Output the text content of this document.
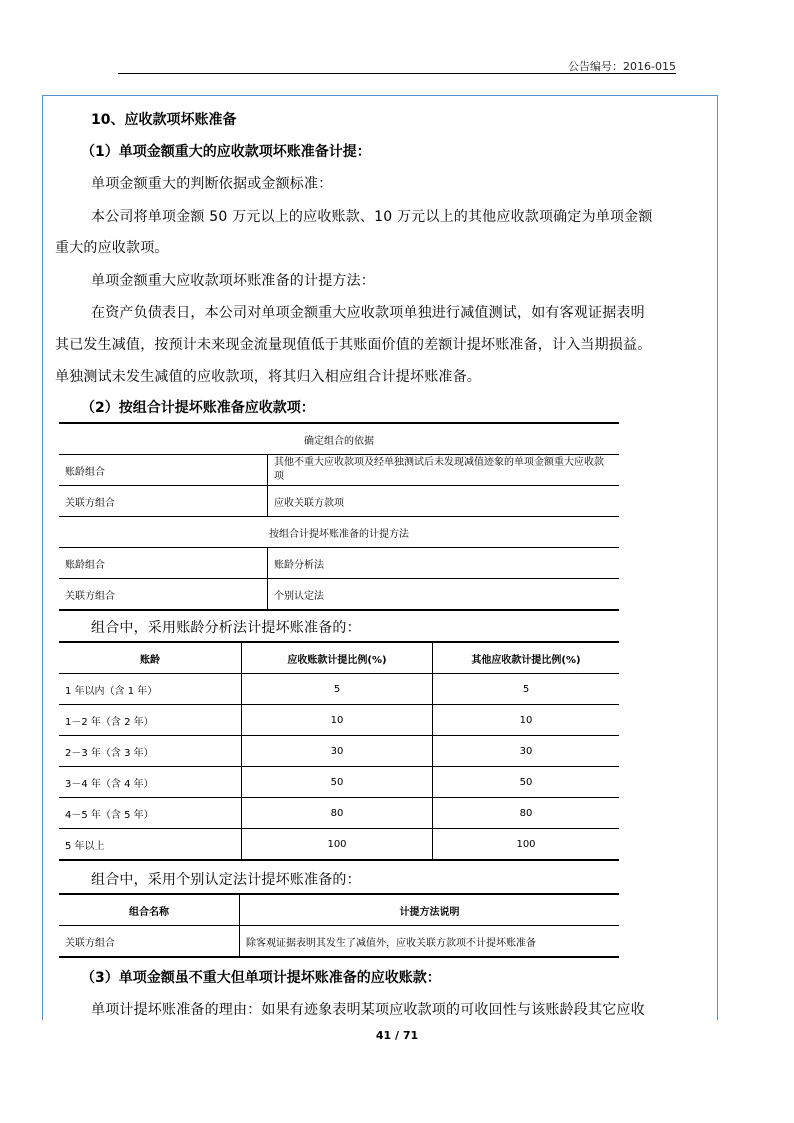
公告编号：2016-015
10、应收款项坏账准备
（1）单项金额重大的应收款项坏账准备计提：
单项金额重大的判断依据或金额标准：
本公司将单项金额 50 万元以上的应收账款、10 万元以上的其他应收款项确定为单项金额
重大的应收款项。
单项金额重大应收款项坏账准备的计提方法：
在资产负债表日，本公司对单项金额重大应收款项单独进行减值测试，如有客观证据表明
其已发生减值，按预计未来现金流量现值低于其账面价值的差额计提坏账准备，计入当期损益。
单独测试未发生减值的应收款项，将其归入相应组合计提坏账准备。
（2）按组合计提坏账准备应收款项：
确定组合的依据	
账龄组合	其他不重大应收款项及经单独测试后未发现减值迹象的单项金额重大应收款项
关联方组合	应收关联方款项
按组合计提坏账准备的计提方法	
账龄组合	账龄分析法
关联方组合	个别认定法
组合中，采用账龄分析法计提坏账准备的：
账龄	应收账款计提比例(%)	其他应收款计提比例(%)
1 年以内（含 1 年）	5	5
1－2 年（含 2 年）	10	10
2－3 年（含 3 年）	30	30
3－4 年（含 4 年）	50	50
4－5 年（含 5 年）	80	80
5 年以上	100	100
组合中，采用个别认定法计提坏账准备的：
组合名称	计提方法说明
关联方组合	除客观证据表明其发生了减值外，应收关联方款项不计提坏账准备
（3）单项金额虽不重大但单项计提坏账准备的应收账款：
单项计提坏账准备的理由：如果有迹象表明某项应收款项的可收回性与该账龄段其它应收
41 / 71
